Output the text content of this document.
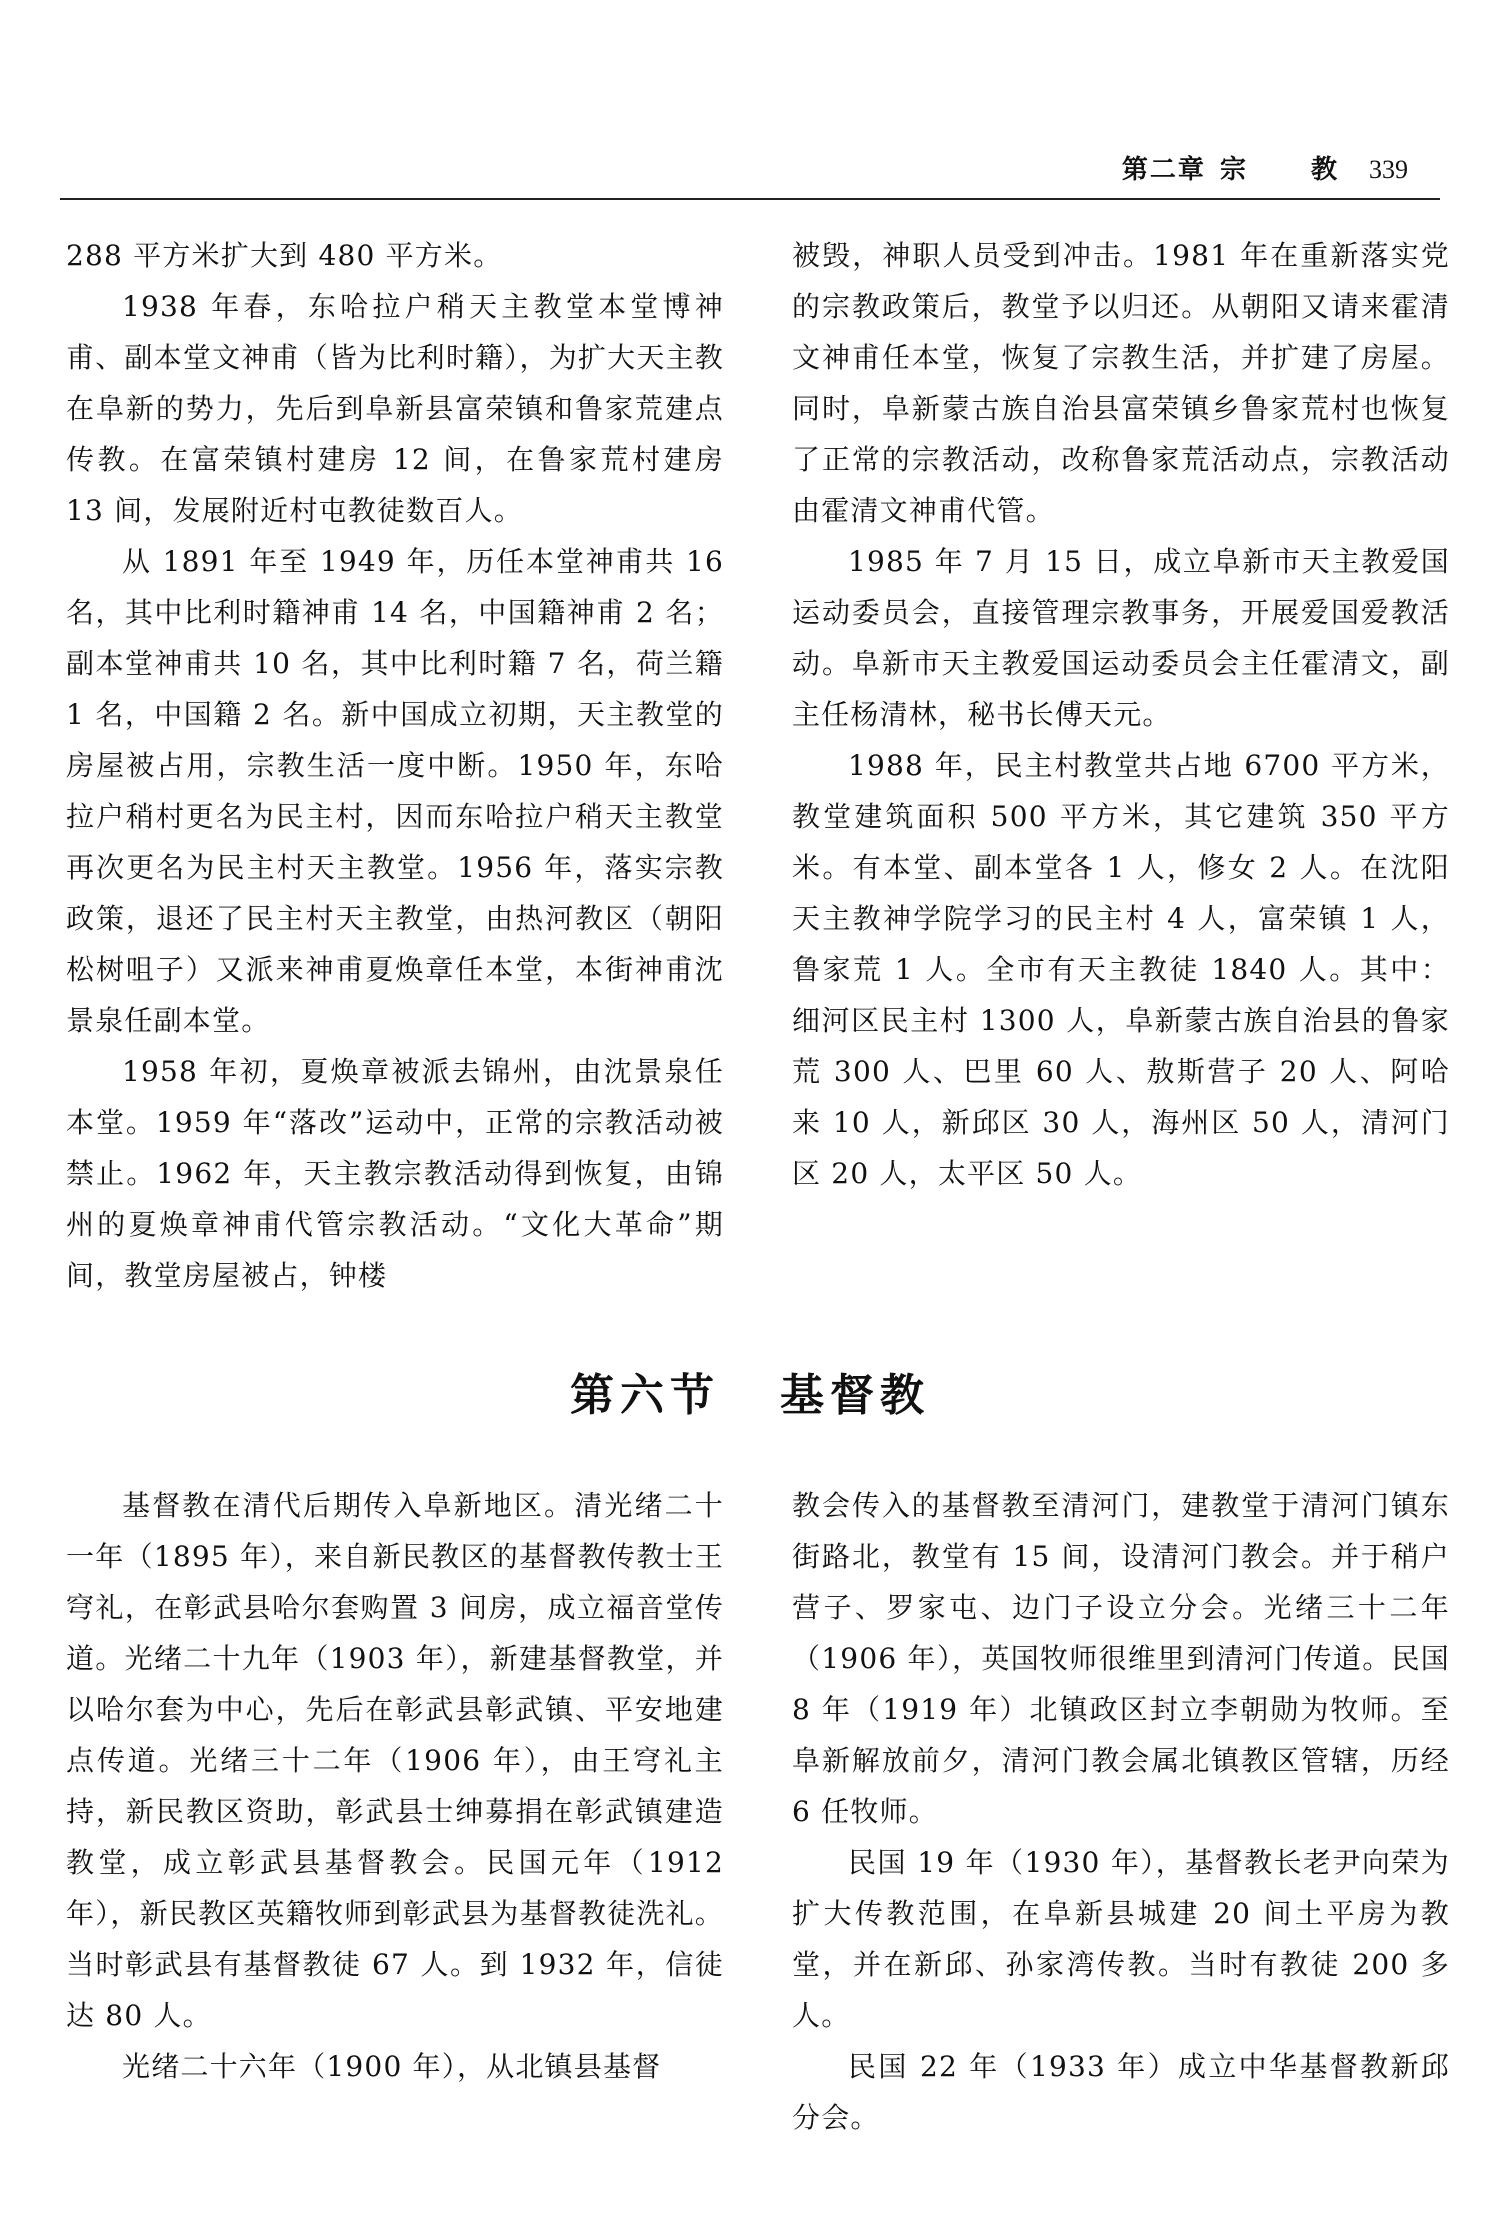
第二章 宗 教 339

288 平方米扩大到 480 平方米。

1938 年春，东哈拉户稍天主教堂本堂博神甫、副本堂文神甫（皆为比利时籍），为扩大天主教在阜新的势力，先后到阜新县富荣镇和鲁家荒建点传教。在富荣镇村建房 12 间，在鲁家荒村建房 13 间，发展附近村屯教徒数百人。

从 1891 年至 1949 年，历任本堂神甫共 16 名，其中比利时籍神甫 14 名，中国籍神甫 2 名；副本堂神甫共 10 名，其中比利时籍 7 名，荷兰籍 1 名，中国籍 2 名。新中国成立初期，天主教堂的房屋被占用，宗教生活一度中断。1950 年，东哈拉户稍村更名为民主村，因而东哈拉户稍天主教堂再次更名为民主村天主教堂。1956 年，落实宗教政策，退还了民主村天主教堂，由热河教区（朝阳松树咀子）又派来神甫夏焕章任本堂，本街神甫沈景泉任副本堂。

1958 年初，夏焕章被派去锦州，由沈景泉任本堂。1959 年“落改”运动中，正常的宗教活动被禁止。1962 年，天主教宗教活动得到恢复，由锦州的夏焕章神甫代管宗教活动。“文化大革命”期间，教堂房屋被占，钟楼

被毁，神职人员受到冲击。1981 年在重新落实党的宗教政策后，教堂予以归还。从朝阳又请来霍清文神甫任本堂，恢复了宗教生活，并扩建了房屋。同时，阜新蒙古族自治县富荣镇乡鲁家荒村也恢复了正常的宗教活动，改称鲁家荒活动点，宗教活动由霍清文神甫代管。

1985 年 7 月 15 日，成立阜新市天主教爱国运动委员会，直接管理宗教事务，开展爱国爱教活动。阜新市天主教爱国运动委员会主任霍清文，副主任杨清林，秘书长傅天元。

1988 年，民主村教堂共占地 6700 平方米，教堂建筑面积 500 平方米，其它建筑 350 平方米。有本堂、副本堂各 1 人，修女 2 人。在沈阳天主教神学院学习的民主村 4 人，富荣镇 1 人，鲁家荒 1 人。全市有天主教徒 1840 人。其中：细河区民主村 1300 人，阜新蒙古族自治县的鲁家荒 300 人、巴里 60 人、敖斯营子 20 人、阿哈来 10 人，新邱区 30 人，海州区 50 人，清河门区 20 人，太平区 50 人。

第六节 基督教

基督教在清代后期传入阜新地区。清光绪二十一年（1895 年），来自新民教区的基督教传教士王穹礼，在彰武县哈尔套购置 3 间房，成立福音堂传道。光绪二十九年（1903 年），新建基督教堂，并以哈尔套为中心，先后在彰武县彰武镇、平安地建点传道。光绪三十二年（1906 年），由王穹礼主持，新民教区资助，彰武县士绅募捐在彰武镇建造教堂，成立彰武县基督教会。民国元年（1912 年），新民教区英籍牧师到彰武县为基督教徒洗礼。当时彰武县有基督教徒 67 人。到 1932 年，信徒达 80 人。

光绪二十六年（1900 年），从北镇县基督

教会传入的基督教至清河门，建教堂于清河门镇东街路北，教堂有 15 间，设清河门教会。并于稍户营子、罗家屯、边门子设立分会。光绪三十二年（1906 年），英国牧师很维里到清河门传道。民国 8 年（1919 年）北镇政区封立李朝勋为牧师。至阜新解放前夕，清河门教会属北镇教区管辖，历经 6 任牧师。

民国 19 年（1930 年），基督教长老尹向荣为扩大传教范围，在阜新县城建 20 间土平房为教堂，并在新邱、孙家湾传教。当时有教徒 200 多人。

民国 22 年（1933 年）成立中华基督教新邱分会。
